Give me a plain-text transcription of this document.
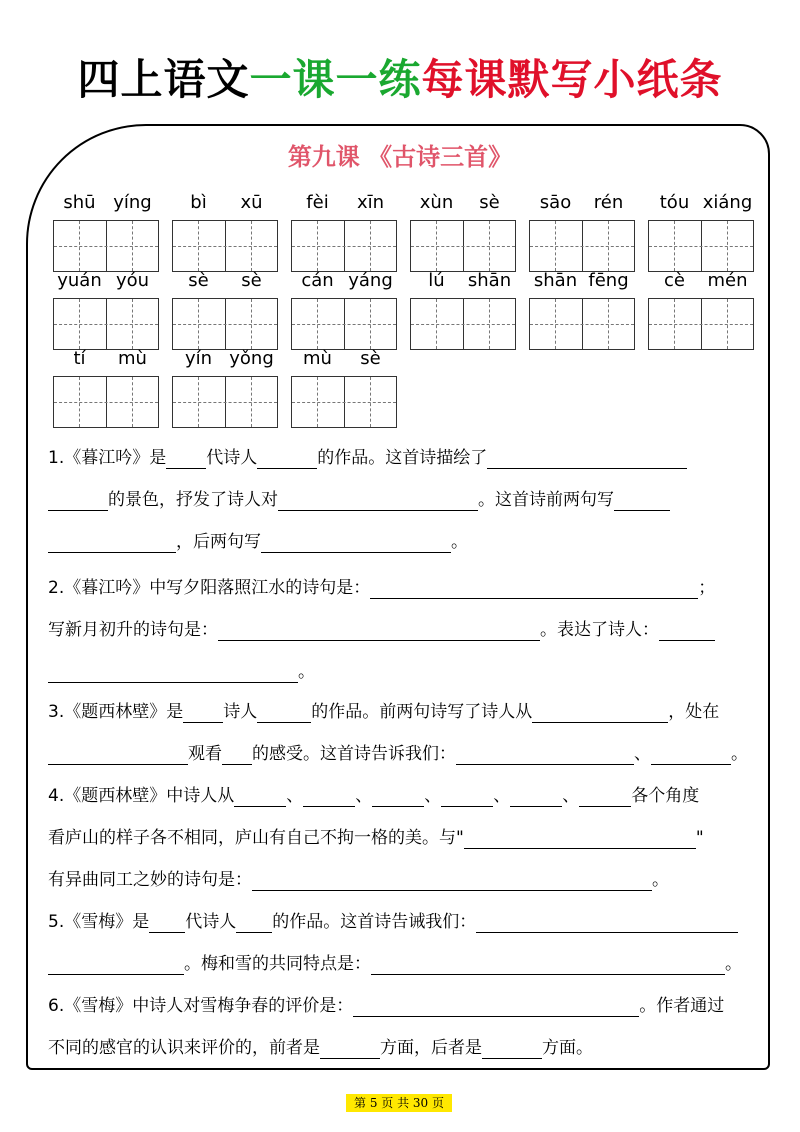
四上语文一课一练每课默写小纸条
第九课 《古诗三首》
shū yíng	bì	xū	fèi	xīn	xùn	sè	sāo	rén	tóu xiáng
yuán yóu	sè	sè	cán yáng	lú	shān shān fēng	cè	mén
tí	mù	yín yǒng	mù	sè
1.《暮江吟》是 代诗人	的作品。这首诗描绘了
的景色，抒发了诗人对	。这首诗前两句写
，后两句写	。
2.《暮江吟》中写夕阳落照江水的诗句是：	；
写新月初升的诗句是：	。表达了诗人：
。
3.《题西林壁》是 诗人	的作品。前两句诗写了诗人从	，处在
观看 的感受。这首诗告诉我们：	、	。
4.《题西林壁》中诗人从	、	、	、	、	、	各个角度
看庐山的样子各不相同，庐山有自己不拘一格的美。与"	"
有异曲同工之妙的诗句是：	。
5.《雪梅》是 代诗人 的作品。这首诗告诫我们：
。梅和雪的共同特点是：	。
6.《雪梅》中诗人对雪梅争春的评价是：	。作者通过
不同的感官的认识来评价的，前者是	方面，后者是	方面。
第 5 页 共 30 页
